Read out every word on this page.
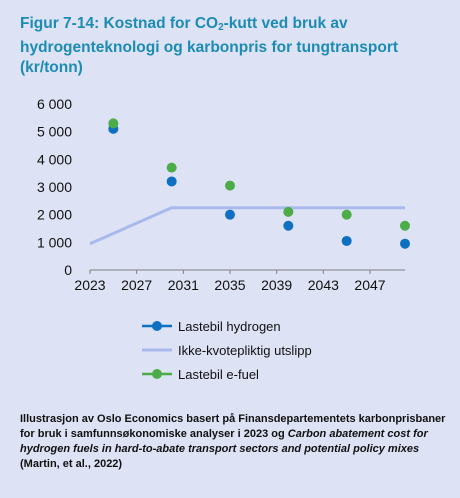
Figur 7-14: Kostnad for CO2-kutt ved bruk av hydrogenteknologi og karbonpris for tungtransport (kr/tonn)
0
1 000
2 000
3 000
4 000
5 000
6 000
2023 2027 2031 2035 2039 2043 2047
Lastebil hydrogen
Ikke-kvotepliktig utslipp
Lastebil e-fuel
Illustrasjon av Oslo Economics basert på Finansdepartementets karbonprisbaner for bruk i samfunnsøkonomiske analyser i 2023 og Carbon abatement cost for hydrogen fuels in hard-to-abate transport sectors and potential policy mixes (Martin, et al., 2022)
